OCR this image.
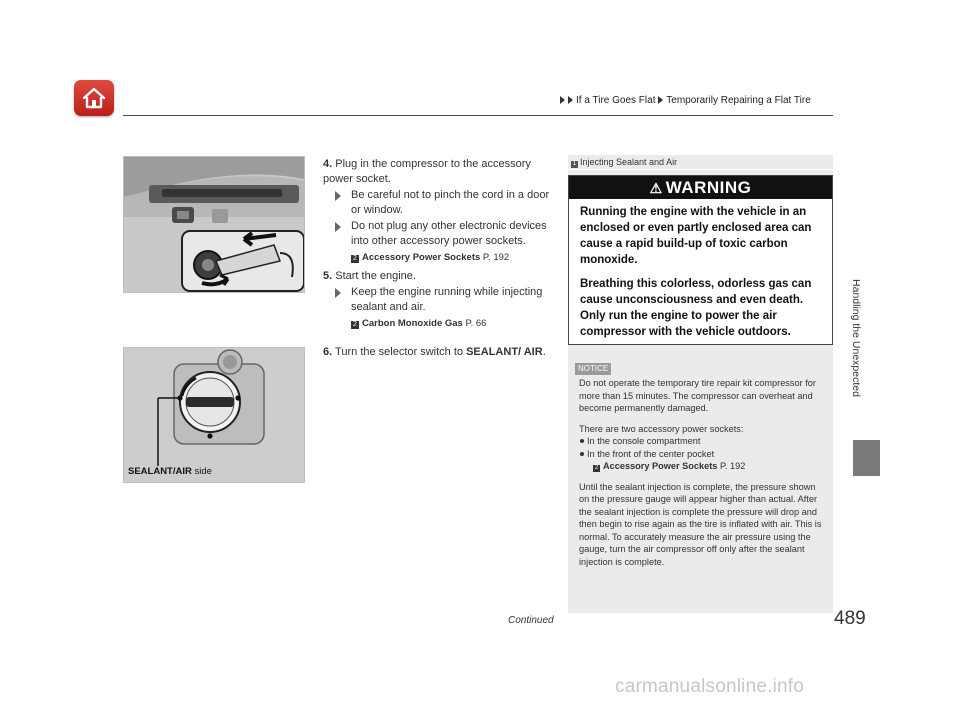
If a Tire Goes Flat Temporarily Repairing a Flat Tire
Handling the Unexpected
SEALANT/AIR side
4. Plug in the compressor to the accessory power socket.
Be careful not to pinch the cord in a door or window.
Do not plug any other electronic devices into other accessory power sockets.
2 Accessory Power Sockets P. 192
5. Start the engine.
Keep the engine running while injecting sealant and air.
2 Carbon Monoxide Gas P. 66
6. Turn the selector switch to SEALANT/ AIR.
1 Injecting Sealant and Air
⚠ WARNING

Running the engine with the vehicle in an enclosed or even partly enclosed area can cause a rapid build-up of toxic carbon monoxide.

Breathing this colorless, odorless gas can cause unconsciousness and even death. Only run the engine to power the air compressor with the vehicle outdoors.

NOTICE

Do not operate the temporary tire repair kit compressor for more than 15 minutes. The compressor can overheat and become permanently damaged.

There are two accessory power sockets:
In the console compartment
In the front of the center pocket
2 Accessory Power Sockets P. 192

Until the sealant injection is complete, the pressure shown on the pressure gauge will appear higher than actual. After the sealant injection is complete the pressure will drop and then begin to rise again as the tire is inflated with air. This is normal. To accurately measure the air pressure using the gauge, turn the air compressor off only after the sealant injection is complete.

Continued	489
carmanualsonline.info
